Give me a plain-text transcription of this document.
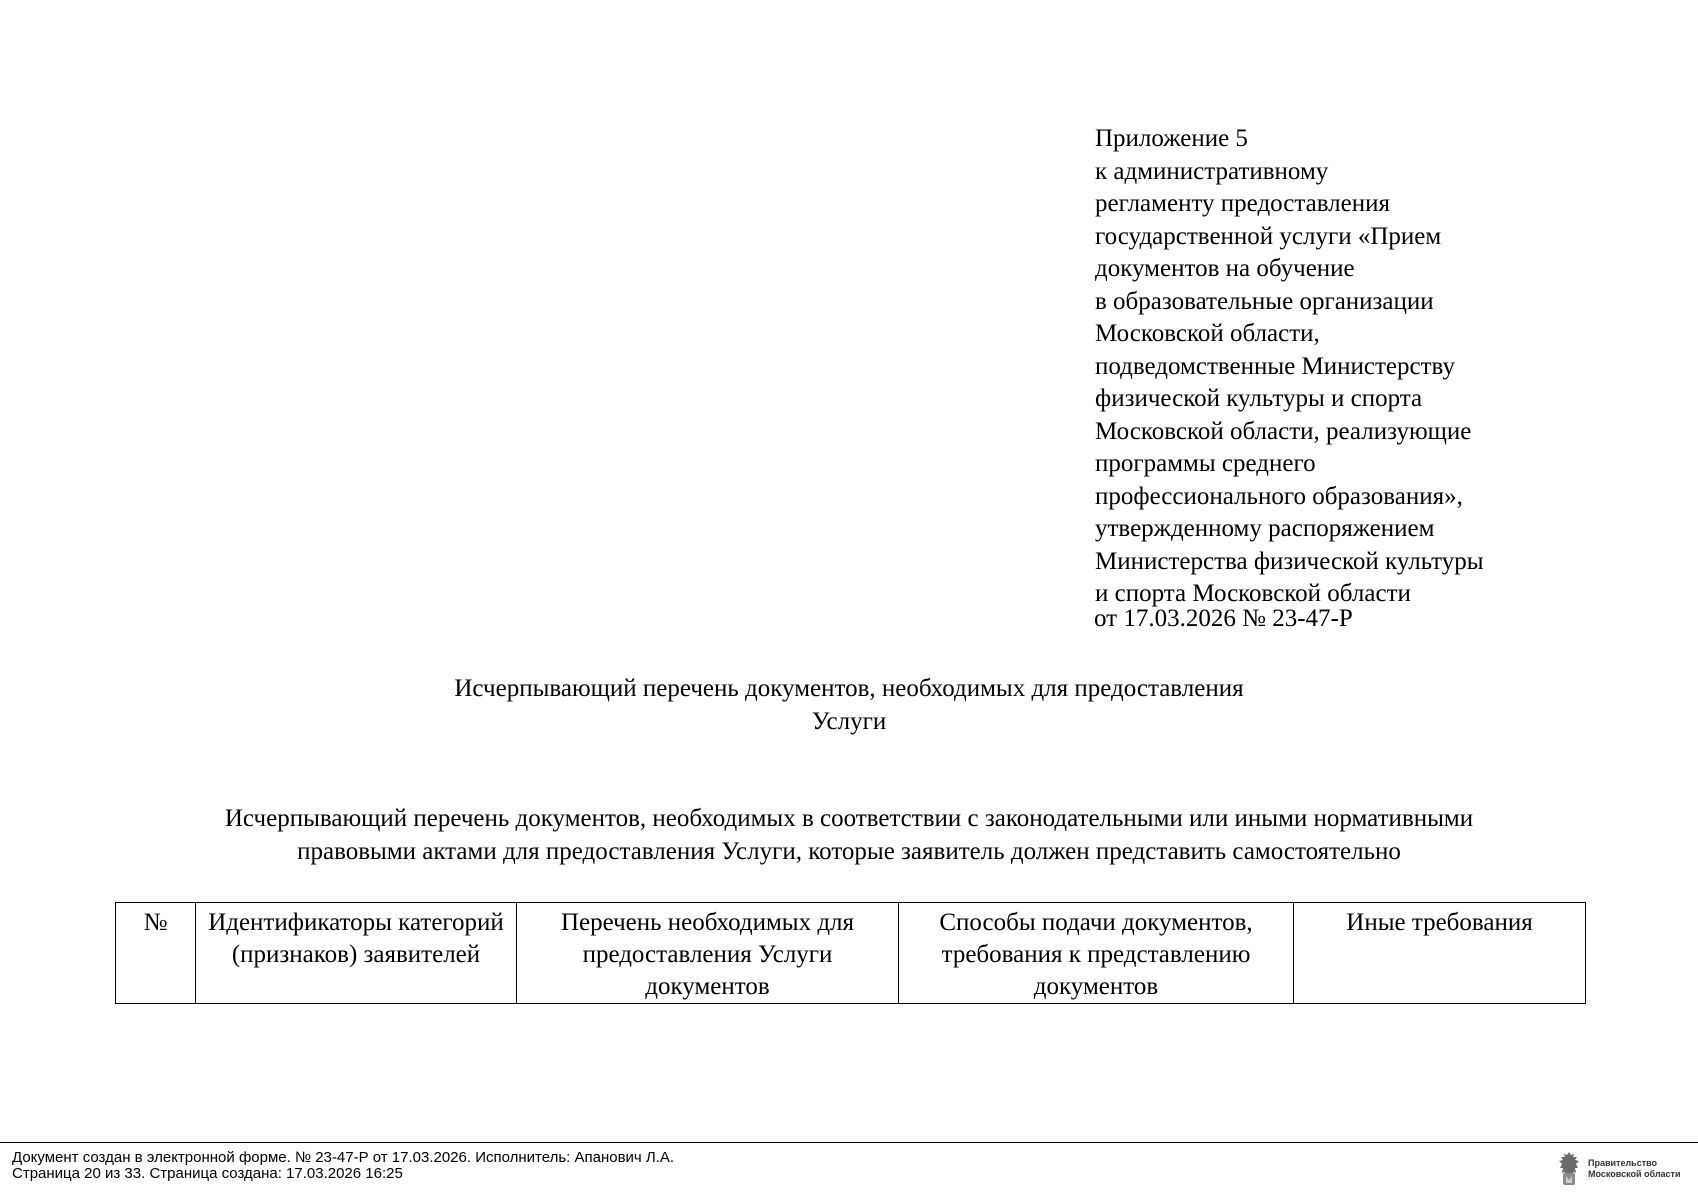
Приложение 5
к административному
регламенту предоставления
государственной услуги «Прием
документов на обучение
в образовательные организации
Московской области,
подведомственные Министерству
физической культуры и спорта
Московской области, реализующие
программы среднего
профессионального образования»,
утвержденному распоряжением
Министерства физической культуры
и спорта Московской области
от 17.03.2026 № 23-47-Р
Исчерпывающий перечень документов, необходимых для предоставления
Услуги
Исчерпывающий перечень документов, необходимых в соответствии с законодательными или иными нормативными
правовыми актами для предоставления Услуги, которые заявитель должен представить самостоятельно
№	Идентификаторы категорий (признаков) заявителей	Перечень необходимых для предоставления Услуги документов	Способы подачи документов, требования к представлению документов	Иные требования
Документ создан в электронной форме. № 23-47-Р от 17.03.2026. Исполнитель: Апанович Л.А.
Страница 20 из 33. Страница создана: 17.03.2026 16:25
Правительство
Московской области
